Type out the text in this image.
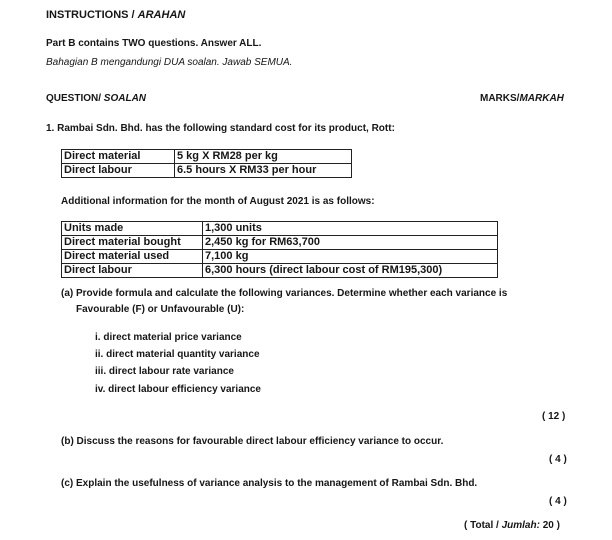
INSTRUCTIONS / ARAHAN
Part B contains TWO questions. Answer ALL.
Bahagian B mengandungi DUA soalan. Jawab SEMUA.
QUESTION/ SOALAN	MARKS/MARKAH
1. Rambai Sdn. Bhd. has the following standard cost for its product, Rott:
Direct material	5 kg X RM28 per kg
Direct labour	6.5 hours X RM33 per hour
Additional information for the month of August 2021 is as follows:
Units made	1,300 units
Direct material bought	2,450 kg for RM63,700
Direct material used	7,100 kg
Direct labour	6,300 hours (direct labour cost of RM195,300)
(a) Provide formula and calculate the following variances. Determine whether each variance is
Favourable (F) or Unfavourable (U):
i. direct material price variance
ii. direct material quantity variance
iii. direct labour rate variance
iv. direct labour efficiency variance
( 12 )
(b) Discuss the reasons for favourable direct labour efficiency variance to occur.
( 4 )
(c) Explain the usefulness of variance analysis to the management of Rambai Sdn. Bhd.
( 4 )
( Total / Jumlah: 20 )
